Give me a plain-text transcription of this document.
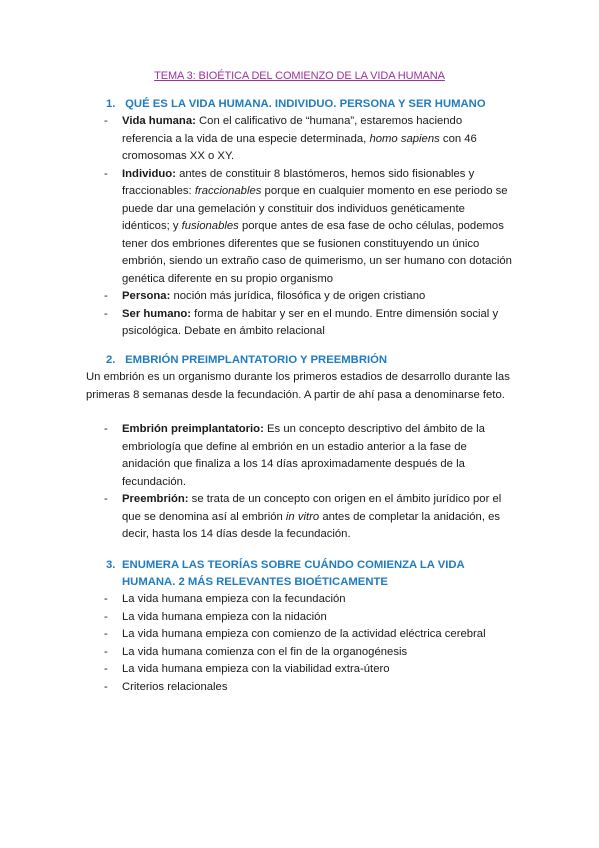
TEMA 3: BIOÉTICA DEL COMIENZO DE LA VIDA HUMANA
1. QUÉ ES LA VIDA HUMANA. INDIVIDUO. PERSONA Y SER HUMANO
- Vida humana: Con el calificativo de “humana”, estaremos haciendo referencia a la vida de una especie determinada, homo sapiens con 46 cromosomas XX o XY.
- Individuo: antes de constituir 8 blastómeros, hemos sido fisionables y fraccionables: fraccionables porque en cualquier momento en ese periodo se puede dar una gemelación y constituir dos individuos genéticamente idénticos; y fusionables porque antes de esa fase de ocho células, podemos tener dos embriones diferentes que se fusionen constituyendo un único embrión, siendo un extraño caso de quimerismo, un ser humano con dotación genética diferente en su propio organismo
- Persona: noción más jurídica, filosófica y de origen cristiano
- Ser humano: forma de habitar y ser en el mundo. Entre dimensión social y psicológica. Debate en ámbito relacional
2. EMBRIÓN PREIMPLANTATORIO Y PREEMBRIÓN
Un embrión es un organismo durante los primeros estadios de desarrollo durante las primeras 8 semanas desde la fecundación. A partir de ahí pasa a denominarse feto.
- Embrión preimplantatorio: Es un concepto descriptivo del ámbito de la embriología que define al embrión en un estadio anterior a la fase de anidación que finaliza a los 14 días aproximadamente después de la fecundación.
- Preembrión: se trata de un concepto con origen en el ámbito jurídico por el que se denomina así al embrión in vitro antes de completar la anidación, es decir, hasta los 14 días desde la fecundación.
3. ENUMERA LAS TEORÍAS SOBRE CUÁNDO COMIENZA LA VIDA HUMANA. 2 MÁS RELEVANTES BIOÉTICAMENTE
- La vida humana empieza con la fecundación
- La vida humana empieza con la nidación
- La vida humana empieza con comienzo de la actividad eléctrica cerebral
- La vida humana comienza con el fin de la organogénesis
- La vida humana empieza con la viabilidad extra-útero
- Criterios relacionales
